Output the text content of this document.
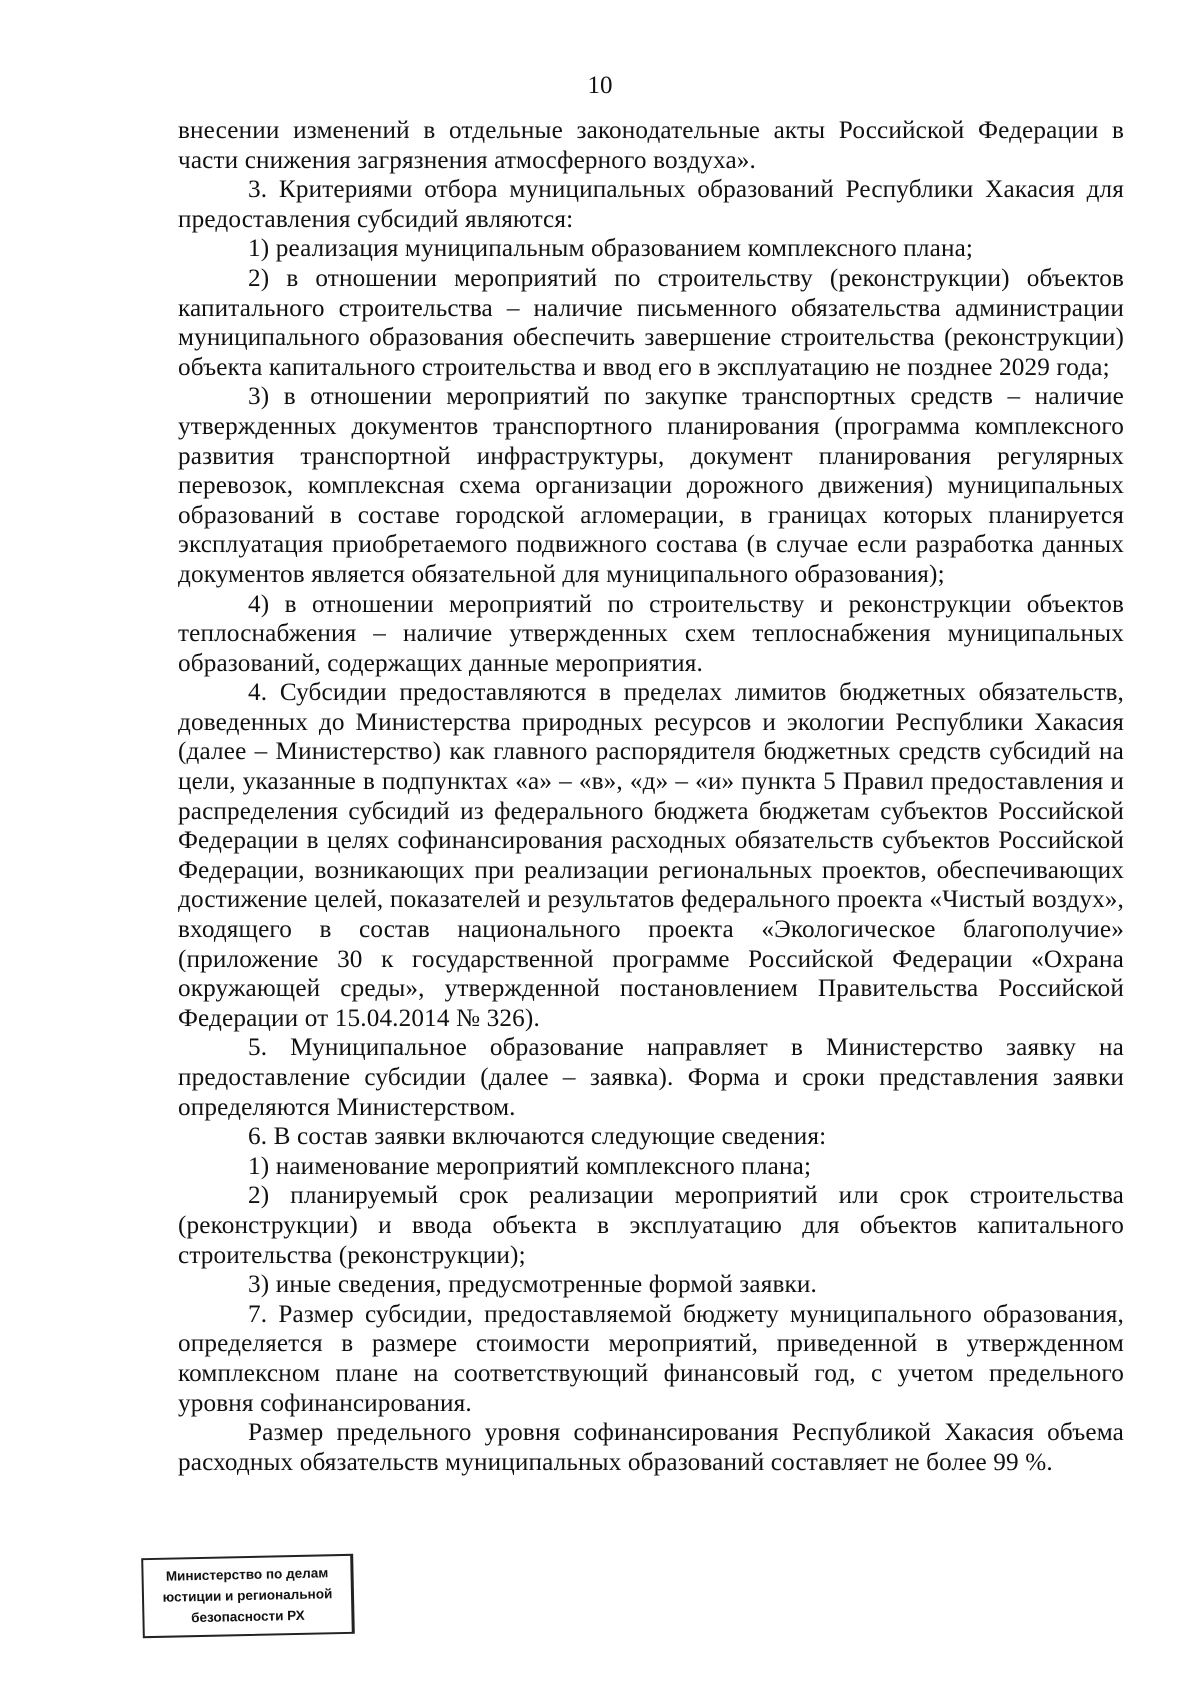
10

внесении изменений в отдельные законодательные акты Российской Федерации в части снижения загрязнения атмосферного воздуха».

3. Критериями отбора муниципальных образований Республики Хакасия для предоставления субсидий являются:

1) реализация муниципальным образованием комплексного плана;

2) в отношении мероприятий по строительству (реконструкции) объектов капитального строительства – наличие письменного обязательства администрации муниципального образования обеспечить завершение строительства (реконструкции) объекта капитального строительства и ввод его в эксплуатацию не позднее 2029 года;

3) в отношении мероприятий по закупке транспортных средств – наличие утвержденных документов транспортного планирования (программа комплексного развития транспортной инфраструктуры, документ планирования регулярных перевозок, комплексная схема организации дорожного движения) муниципальных образований в составе городской агломерации, в границах которых планируется эксплуатация приобретаемого подвижного состава (в случае если разработка данных документов является обязательной для муниципального образования);

4) в отношении мероприятий по строительству и реконструкции объектов теплоснабжения – наличие утвержденных схем теплоснабжения муниципальных образований, содержащих данные мероприятия.

4. Субсидии предоставляются в пределах лимитов бюджетных обязательств, доведенных до Министерства природных ресурсов и экологии Республики Хакасия (далее – Министерство) как главного распорядителя бюджетных средств субсидий на цели, указанные в подпунктах «а» – «в», «д» – «и» пункта 5 Правил предоставления и распределения субсидий из федерального бюджета бюджетам субъектов Российской Федерации в целях софинансирования расходных обязательств субъектов Российской Федерации, возникающих при реализации региональных проектов, обеспечивающих достижение целей, показателей и результатов федерального проекта «Чистый воздух», входящего в состав национального проекта «Экологическое благополучие» (приложение 30 к государственной программе Российской Федерации «Охрана окружающей среды», утвержденной постановлением Правительства Российской Федерации от 15.04.2014 № 326).

5. Муниципальное образование направляет в Министерство заявку на предоставление субсидии (далее – заявка). Форма и сроки представления заявки определяются Министерством.

6. В состав заявки включаются следующие сведения:

1) наименование мероприятий комплексного плана;

2) планируемый срок реализации мероприятий или срок строительства (реконструкции) и ввода объекта в эксплуатацию для объектов капитального строительства (реконструкции);

3) иные сведения, предусмотренные формой заявки.

7. Размер субсидии, предоставляемой бюджету муниципального образования, определяется в размере стоимости мероприятий, приведенной в утвержденном комплексном плане на соответствующий финансовый год, с учетом предельного уровня софинансирования.

Размер предельного уровня софинансирования Республикой Хакасия объема расходных обязательств муниципальных образований составляет не более 99 %.

Министерство по делам
юстиции и региональной
безопасности РХ
